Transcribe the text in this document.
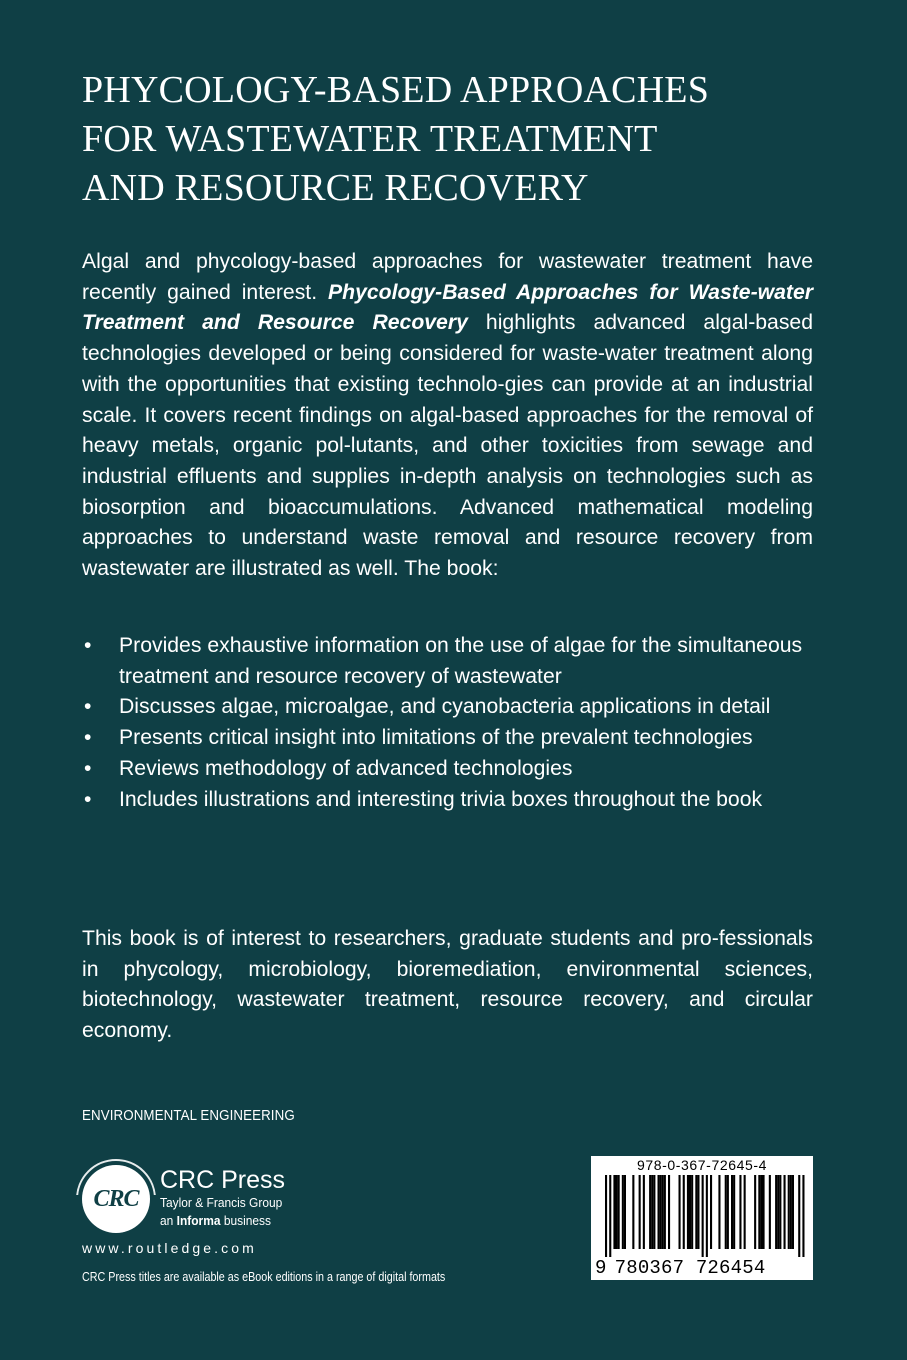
PHYCOLOGY-BASED APPROACHES
FOR WASTEWATER TREATMENT
AND RESOURCE RECOVERY

Algal and phycology-based approaches for wastewater treatment have recently gained interest. Phycology-Based Approaches for Waste-water Treatment and Resource Recovery highlights advanced algal-based technologies developed or being considered for waste-water treatment along with the opportunities that existing technolo-gies can provide at an industrial scale. It covers recent findings on algal-based approaches for the removal of heavy metals, organic pol-lutants, and other toxicities from sewage and industrial effluents and supplies in-depth analysis on technologies such as biosorption and bioaccumulations. Advanced mathematical modeling approaches to understand waste removal and resource recovery from wastewater are illustrated as well. The book:

• Provides exhaustive information on the use of algae for the simultaneous treatment and resource recovery of wastewater
• Discusses algae, microalgae, and cyanobacteria applications in detail
• Presents critical insight into limitations of the prevalent technologies
• Reviews methodology of advanced technologies
• Includes illustrations and interesting trivia boxes throughout the book

This book is of interest to researchers, graduate students and pro-fessionals in phycology, microbiology, bioremediation, environmental sciences, biotechnology, wastewater treatment, resource recovery, and circular economy.

ENVIRONMENTAL ENGINEERING
CRC
CRC Press
Taylor & Francis Group
an Informa business
www.routledge.com
CRC Press titles are available as eBook editions in a range of digital formats
978-0-367-72645-4
9 780367 726454
